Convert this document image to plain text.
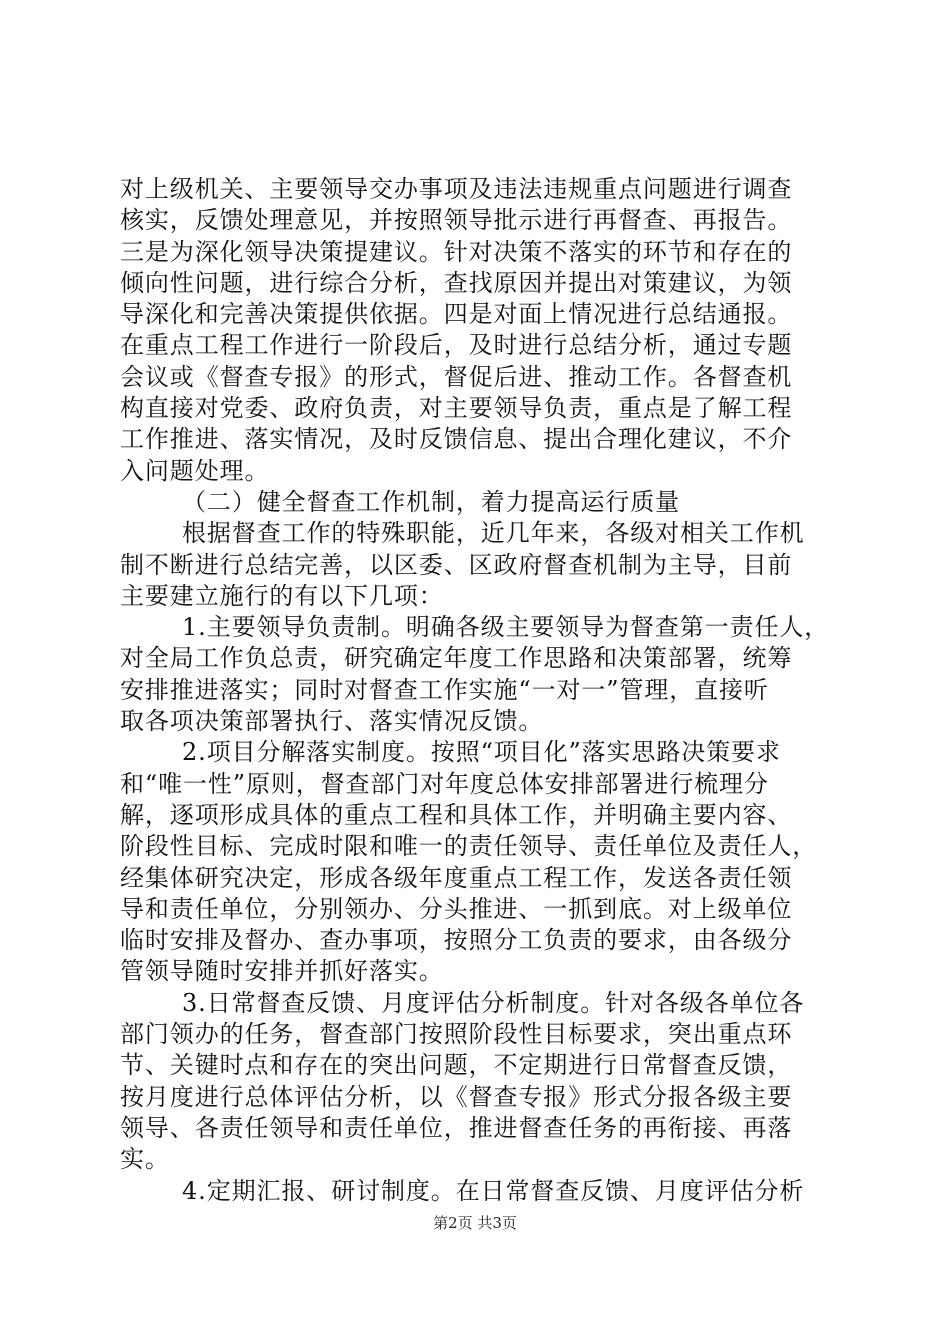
对上级机关、主要领导交办事项及违法违规重点问题进行调查
核实，反馈处理意见，并按照领导批示进行再督查、再报告。
三是为深化领导决策提建议。针对决策不落实的环节和存在的
倾向性问题，进行综合分析，查找原因并提出对策建议，为领
导深化和完善决策提供依据。四是对面上情况进行总结通报。
在重点工程工作进行一阶段后，及时进行总结分析，通过专题
会议或《督查专报》的形式，督促后进、推动工作。各督查机
构直接对党委、政府负责，对主要领导负责，重点是了解工程
工作推进、落实情况，及时反馈信息、提出合理化建议，不介
入问题处理。
（二）健全督查工作机制，着力提高运行质量
根据督查工作的特殊职能，近几年来，各级对相关工作机
制不断进行总结完善，以区委、区政府督查机制为主导，目前
主要建立施行的有以下几项：
1.主要领导负责制。明确各级主要领导为督查第一责任人，
对全局工作负总责，研究确定年度工作思路和决策部署，统筹
安排推进落实；同时对督查工作实施“一对一”管理，直接听
取各项决策部署执行、落实情况反馈。
2.项目分解落实制度。按照“项目化”落实思路决策要求
和“唯一性”原则，督查部门对年度总体安排部署进行梳理分
解，逐项形成具体的重点工程和具体工作，并明确主要内容、
阶段性目标、完成时限和唯一的责任领导、责任单位及责任人，
经集体研究决定，形成各级年度重点工程工作，发送各责任领
导和责任单位，分别领办、分头推进、一抓到底。对上级单位
临时安排及督办、查办事项，按照分工负责的要求，由各级分
管领导随时安排并抓好落实。
3.日常督查反馈、月度评估分析制度。针对各级各单位各
部门领办的任务，督查部门按照阶段性目标要求，突出重点环
节、关键时点和存在的突出问题，不定期进行日常督查反馈，
按月度进行总体评估分析，以《督查专报》形式分报各级主要
领导、各责任领导和责任单位，推进督查任务的再衔接、再落
实。
4.定期汇报、研讨制度。在日常督查反馈、月度评估分析
第2页 共3页
